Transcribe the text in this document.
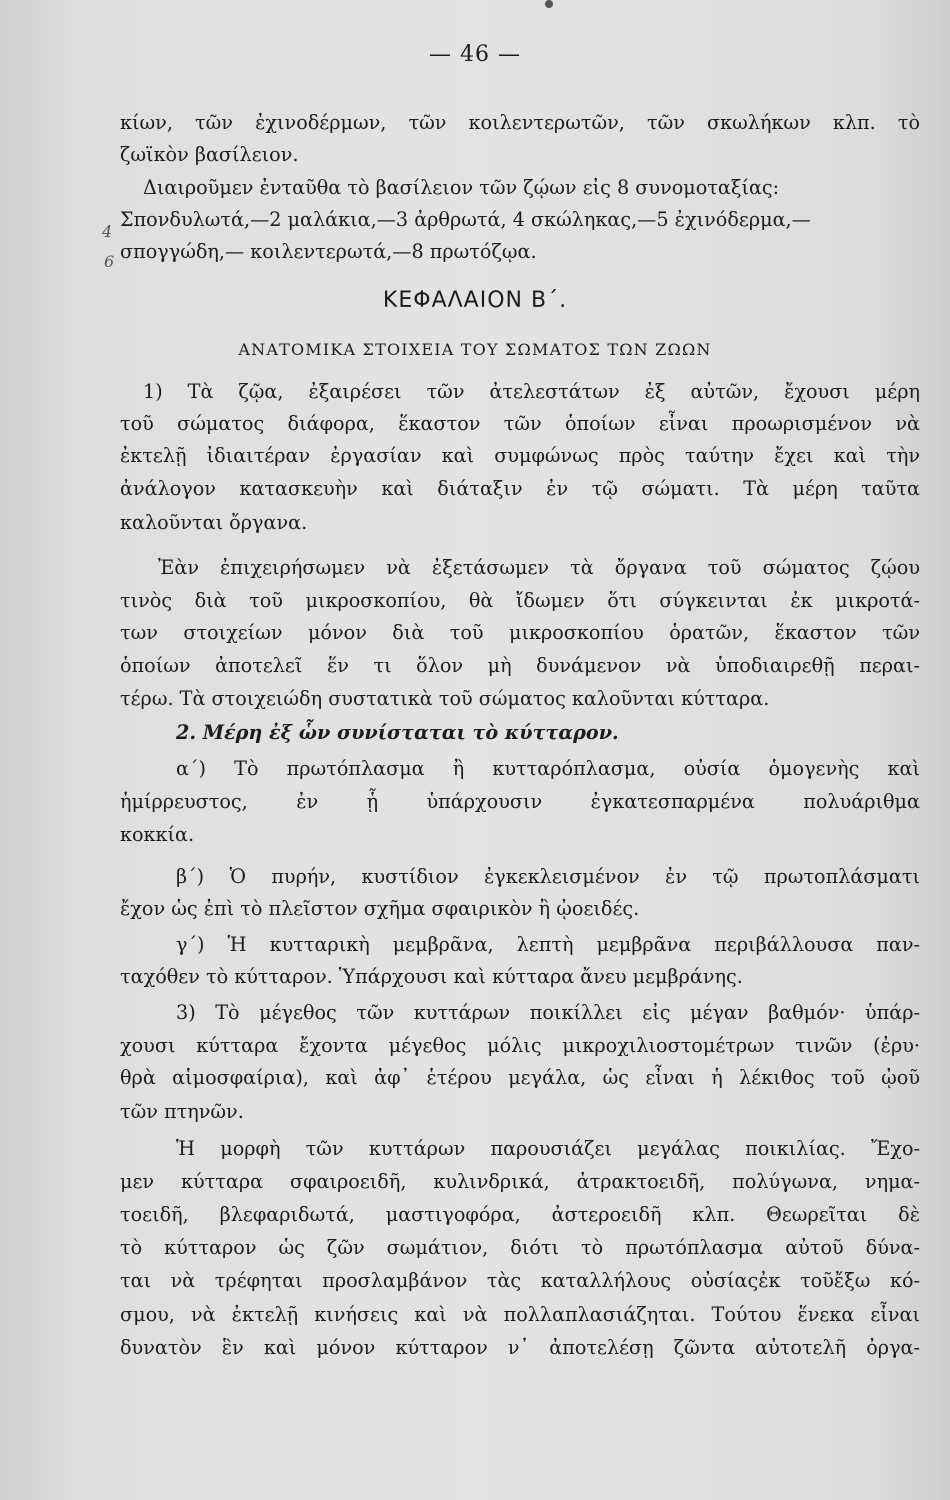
— 46 —
κίων, τῶν ἐχινοδέρμων, τῶν κοιλεντερωτῶν, τῶν σκωλήκων κλπ. τὸ
ζωϊκὸν βασίλειον.
Διαιροῦμεν ἐνταῦθα τὸ βασίλειον τῶν ζῴων εἰς 8 συνομοταξίας:
Σπονδυλωτά,—2 μαλάκια,—3 ἀρθρωτά, 4 σκώληκας,—5 ἐχινόδερμα,—
σπογγώδη,— κοιλεντερωτά,—8 πρωτόζῳα.
4
6
ΚΕΦΑΛΑΙΟΝ Β΄.
ΑΝΑΤΟΜΙΚΑ ΣΤΟΙΧΕΙΑ ΤΟΥ ΣΩΜΑΤΟΣ ΤΩΝ ΖΩΩΝ
1) Τὰ ζῷα, ἐξαιρέσει τῶν ἀτελεστάτων ἐξ αὐτῶν, ἔχουσι μέρη
τοῦ σώματος διάφορα, ἕκαστον τῶν ὁποίων εἶναι προωρισμένον νὰ
ἐκτελῇ ἰδιαιτέραν ἐργασίαν καὶ συμφώνως πρὸς ταύτην ἔχει καὶ τὴν
ἀνάλογον κατασκευὴν καὶ διάταξιν ἐν τῷ σώματι. Τὰ μέρη ταῦτα
καλοῦνται ὄργανα.
Ἐὰν ἐπιχειρήσωμεν νὰ ἐξετάσωμεν τὰ ὄργανα τοῦ σώματος ζῴου
τινὸς διὰ τοῦ μικροσκοπίου, θὰ ἴδωμεν ὅτι σύγκεινται ἐκ μικροτά-
των στοιχείων μόνον διὰ τοῦ μικροσκοπίου ὁρατῶν, ἕκαστον τῶν
ὁποίων ἀποτελεῖ ἕν τι ὅλον μὴ δυνάμενον νὰ ὑποδιαιρεθῇ περαι-
τέρω. Τὰ στοιχειώδη συστατικὰ τοῦ σώματος καλοῦνται κύτταρα.
2. Μέρη ἐξ ὧν συνίσταται τὸ κύτταρον.
α΄) Τὸ πρωτόπλασμα ἢ κυτταρόπλασμα, οὐσία ὁμογενὴς καὶ
ἡμίρρευστος, ἐν ᾗ ὑπάρχουσιν ἐγκατεσπαρμένα πολυάριθμα
κοκκία.
β΄) Ὁ πυρήν, κυστίδιον ἐγκεκλεισμένον ἐν τῷ πρωτοπλάσματι
ἔχον ὡς ἐπὶ τὸ πλεῖστον σχῆμα σφαιρικὸν ἢ ᾠοειδές.
γ΄) Ἡ κυτταρικὴ μεμβρᾶνα, λεπτὴ μεμβρᾶνα περιβάλλουσα παν-
ταχόθεν τὸ κύτταρον. Ὑπάρχουσι καὶ κύτταρα ἄνευ μεμβράνης.
3) Τὸ μέγεθος τῶν κυττάρων ποικίλλει εἰς μέγαν βαθμόν· ὑπάρ-
χουσι κύτταρα ἔχοντα μέγεθος μόλις μικροχιλιοστομέτρων τινῶν (ἐρυ·
θρὰ αἱμοσφαίρια), καὶ ἀφ᾿ ἑτέρου μεγάλα, ὡς εἶναι ἡ λέκιθος τοῦ ᾠοῦ
τῶν πτηνῶν.
Ἡ μορφὴ τῶν κυττάρων παρουσιάζει μεγάλας ποικιλίας. Ἔχο-
μεν κύτταρα σφαιροειδῆ, κυλινδρικά, ἀτρακτοειδῆ, πολύγωνα, νημα-
τοειδῆ, βλεφαριδωτά, μαστιγοφόρα, ἀστεροειδῆ κλπ. Θεωρεῖται δὲ
τὸ κύτταρον ὡς ζῶν σωμάτιον, διότι τὸ πρωτόπλασμα αὐτοῦ δύνα-
ται νὰ τρέφηται προσλαμβάνον τὰς καταλλήλους οὐσίαςἐκ τοῦἔξω κό-
σμου, νὰ ἐκτελῇ κινήσεις καὶ νὰ πολλαπλασιάζηται. Τούτου ἕνεκα εἶναι
δυνατὸν ἓν καὶ μόνον κύτταρον ν᾿ ἀποτελέσῃ ζῶντα αὐτοτελῆ ὀργα-
